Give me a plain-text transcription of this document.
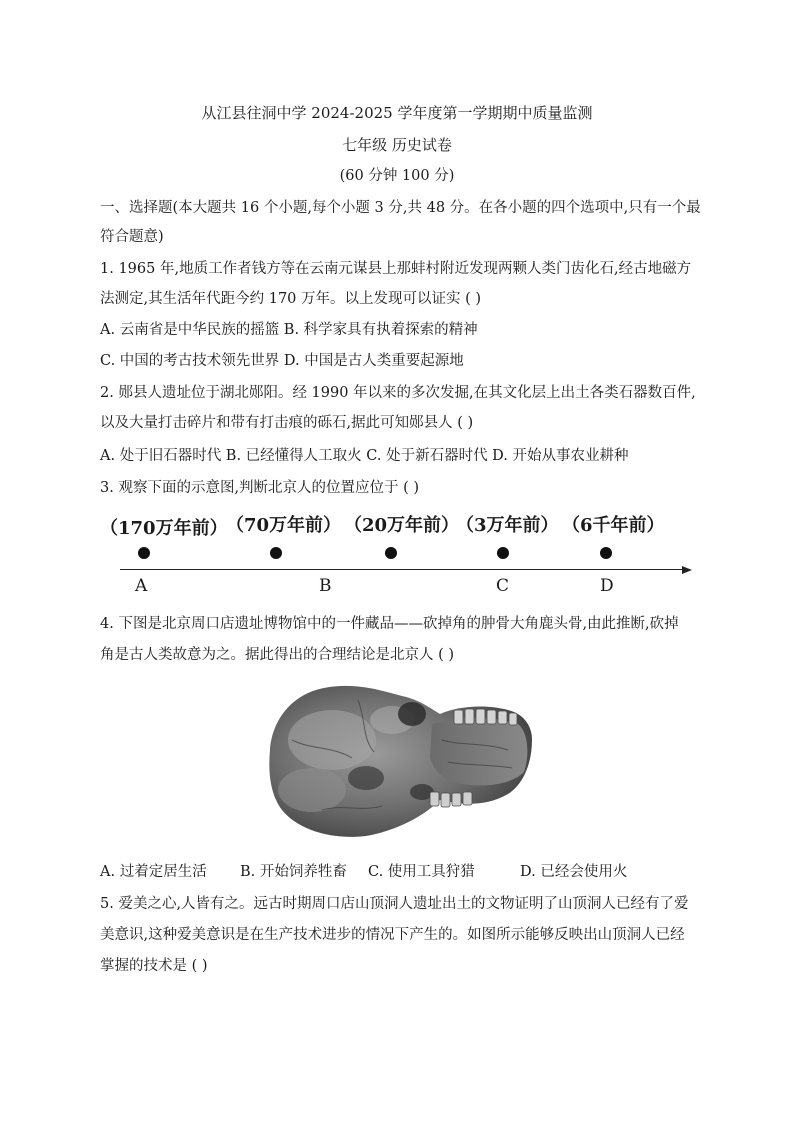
从江县往洞中学 2024-2025 学年度第一学期期中质量监测
七年级 历史试卷
(60 分钟 100 分)
一、选择题(本大题共 16 个小题,每个小题 3 分,共 48 分。在各小题的四个选项中,只有一个最
符合题意)
1. 1965 年,地质工作者钱方等在云南元谋县上那蚌村附近发现两颗人类门齿化石,经古地磁方
法测定,其生活年代距今约 170 万年。以上发现可以证实 ( )
A. 云南省是中华民族的摇篮 B. 科学家具有执着探索的精神
C. 中国的考古技术领先世界 D. 中国是古人类重要起源地
2. 郧县人遗址位于湖北郧阳。经 1990 年以来的多次发掘,在其文化层上出土各类石器数百件,
以及大量打击碎片和带有打击痕的砾石,据此可知郧县人 ( )
A. 处于旧石器时代 B. 已经懂得人工取火 C. 处于新石器时代 D. 开始从事农业耕种
3. 观察下面的示意图,判断北京人的位置应位于 ( )
（170万年前）
（70万年前） （20万年前）
（3万年前） （6千年前）
A	B	C	D
4. 下图是北京周口店遗址博物馆中的一件藏品——砍掉角的肿骨大角鹿头骨,由此推断,砍掉
角是古人类故意为之。据此得出的合理结论是北京人 ( )
A. 过着定居生活 B. 开始饲养牲畜 C. 使用工具狩猎	D. 已经会使用火
5. 爱美之心,人皆有之。远古时期周口店山顶洞人遗址出土的文物证明了山顶洞人已经有了爱
美意识,这种爱美意识是在生产技术进步的情况下产生的。如图所示能够反映出山顶洞人已经
掌握的技术是 ( )
